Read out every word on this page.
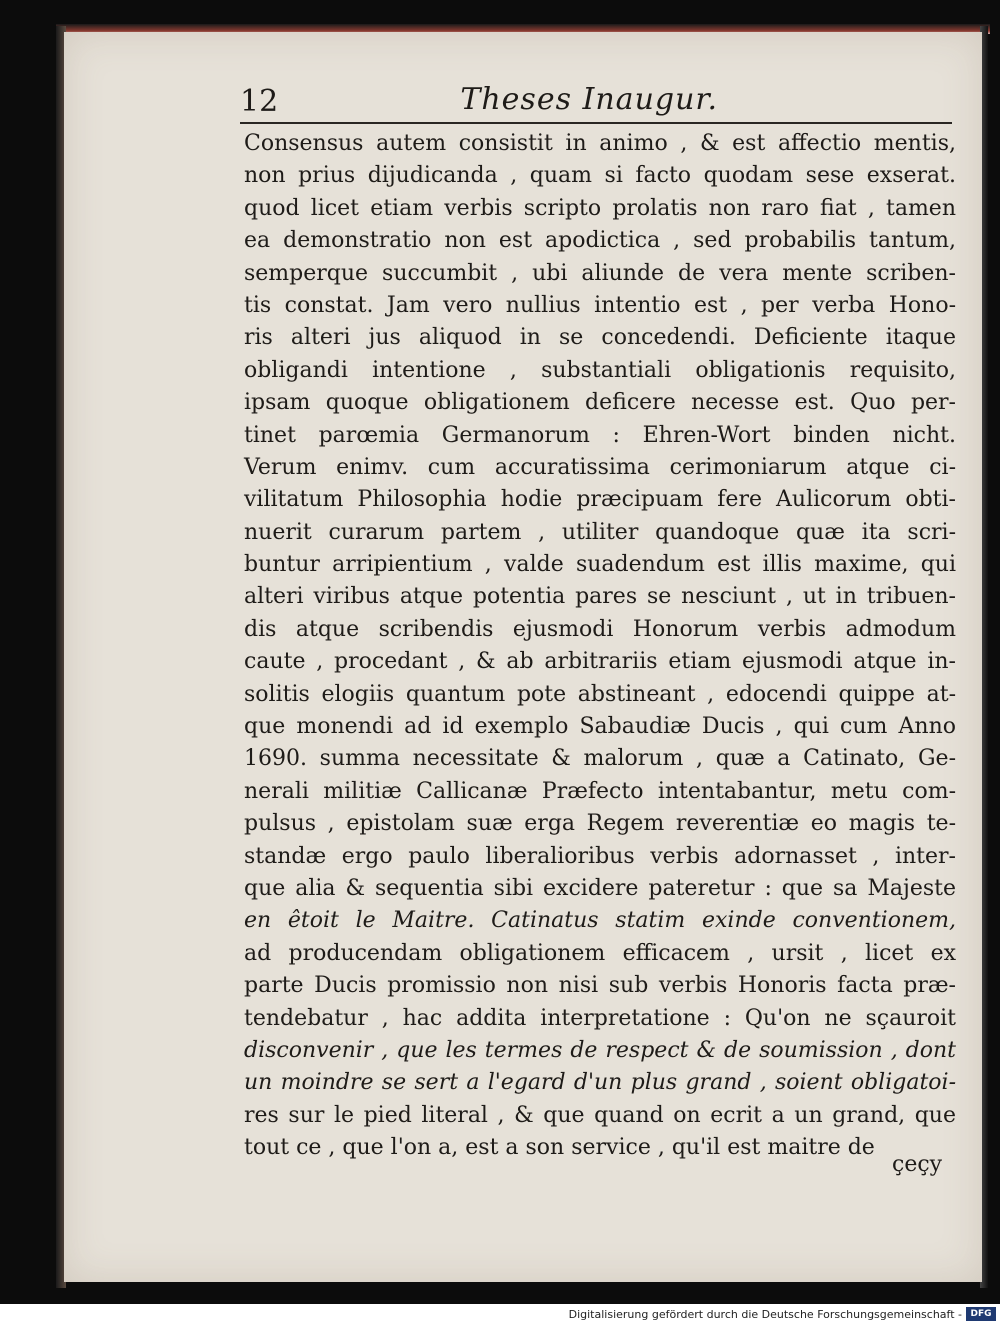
12	Theses Inaugur.
Consensus autem consistit in animo , & est affectio mentis,
non prius dijudicanda , quam si facto quodam sese exserat.
quod licet etiam verbis scripto prolatis non raro fiat , tamen
ea demonstratio non est apodictica , sed probabilis tantum,
semperque succumbit , ubi aliunde de vera mente scriben-
tis constat. Jam vero nullius intentio est , per verba Hono-
ris alteri jus aliquod in se concedendi. Deficiente itaque
obligandi intentione , substantiali obligationis requisito,
ipsam quoque obligationem deficere necesse est. Quo per-
tinet parœmia Germanorum : Ehren-Wort binden nicht.
Verum enimv. cum accuratissima cerimoniarum atque ci-
vilitatum Philosophia hodie præcipuam fere Aulicorum obti-
nuerit curarum partem , utiliter quandoque quæ ita scri-
buntur arripientium , valde suadendum est illis maxime, qui
alteri viribus atque potentia pares se nesciunt , ut in tribuen-
dis atque scribendis ejusmodi Honorum verbis admodum
caute , procedant , & ab arbitrariis etiam ejusmodi atque in-
solitis elogiis quantum pote abstineant , edocendi quippe at-
que monendi ad id exemplo Sabaudiæ Ducis , qui cum Anno
1690. summa necessitate & malorum , quæ a Catinato, Ge-
nerali militiæ Callicanæ Præfecto intentabantur, metu com-
pulsus , epistolam suæ erga Regem reverentiæ eo magis te-
standæ ergo paulo liberalioribus verbis adornasset , inter-
que alia & sequentia sibi excidere pateretur : que sa Majeste
en êtoit le Maitre. Catinatus statim exinde conventionem,
ad producendam obligationem efficacem , ursit , licet ex
parte Ducis promissio non nisi sub verbis Honoris facta præ-
tendebatur , hac addita interpretatione : Qu'on ne sçauroit
disconvenir , que les termes de respect & de soumission , dont
un moindre se sert a l'egard d'un plus grand , soient obligatoi-
res sur le pied literal , & que quand on ecrit a un grand, que
tout ce , que l'on a, est a son service , qu'il est maitre de
çeçy
Digitalisierung gefördert durch die Deutsche Forschungsgemeinschaft - DFG
